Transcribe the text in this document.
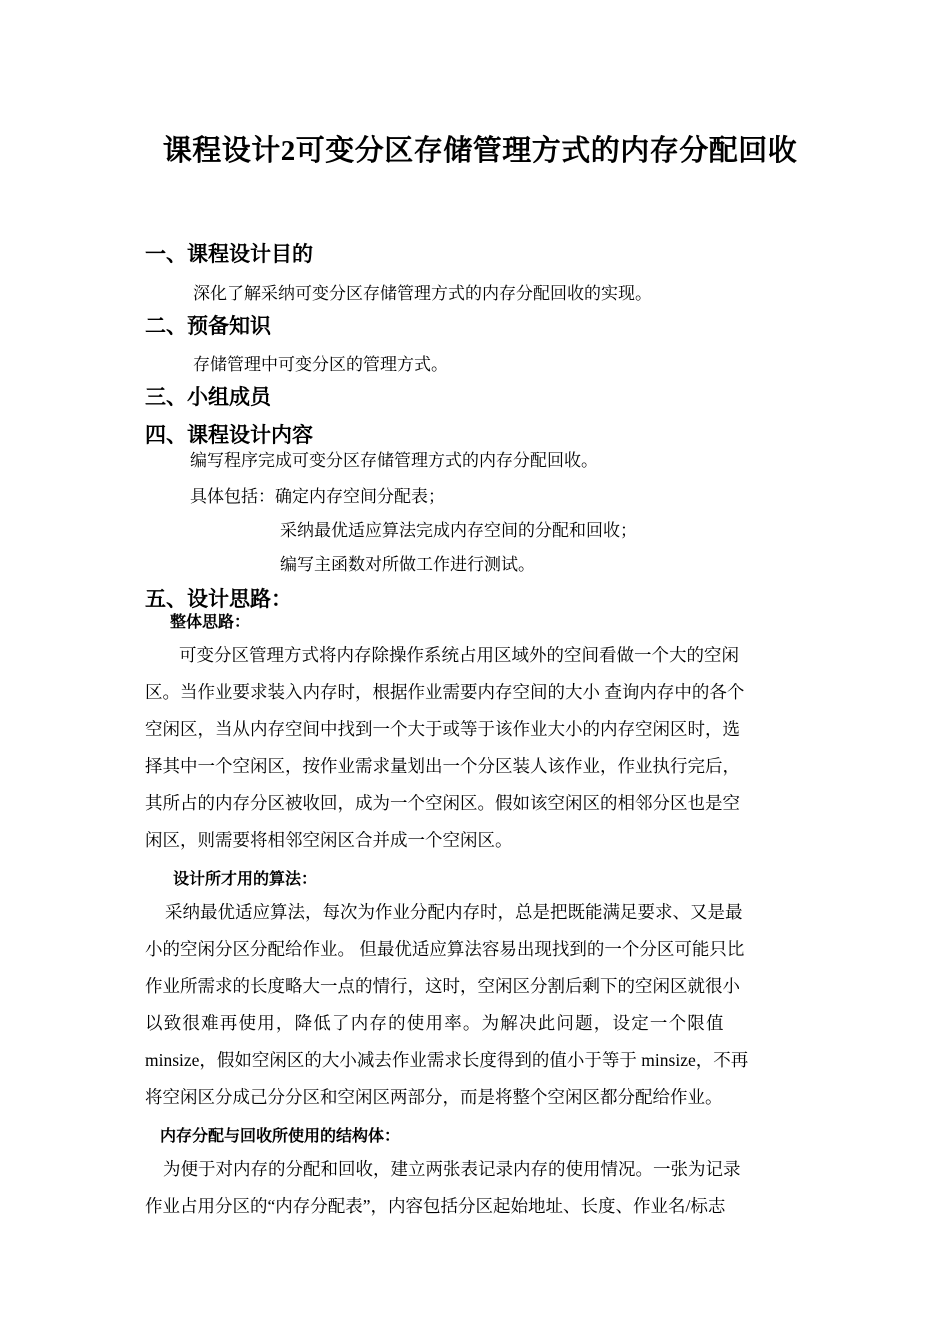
课程设计2可变分区存储管理方式的内存分配回收
一、课程设计目的
深化了解采纳可变分区存储管理方式的内存分配回收的实现。
二、预备知识
存储管理中可变分区的管理方式。
三、小组成员
四、课程设计内容
编写程序完成可变分区存储管理方式的内存分配回收。
具体包括：确定内存空间分配表；
采纳最优适应算法完成内存空间的分配和回收；
编写主函数对所做工作进行测试。
五、设计思路：
整体思路：

可变分区管理方式将内存除操作系统占用区域外的空间看做一个大的空闲

区。当作业要求装入内存时，根据作业需要内存空间的大小 查询内存中的各个

空闲区，当从内存空间中找到一个大于或等于该作业大小的内存空闲区时，选

择其中一个空闲区，按作业需求量划出一个分区装人该作业，作业执行完后，

其所占的内存分区被收回，成为一个空闲区。假如该空闲区的相邻分区也是空

闲区，则需要将相邻空闲区合并成一个空闲区。

设计所才用的算法：

采纳最优适应算法，每次为作业分配内存时，总是把既能满足要求、又是最

小的空闲分区分配给作业。 但最优适应算法容易出现找到的一个分区可能只比

作业所需求的长度略大一点的情行，这时，空闲区分割后剩下的空闲区就很小

以致很难再使用，降低了内存的使用率。为解决此问题，设定一个限值

minsize，假如空闲区的大小减去作业需求长度得到的值小于等于 minsize，不再

将空闲区分成己分分区和空闲区两部分，而是将整个空闲区都分配给作业。

内存分配与回收所使用的结构体：

为便于对内存的分配和回收，建立两张表记录内存的使用情况。一张为记录

作业占用分区的“内存分配表”，内容包括分区起始地址、长度、作业名/标志
